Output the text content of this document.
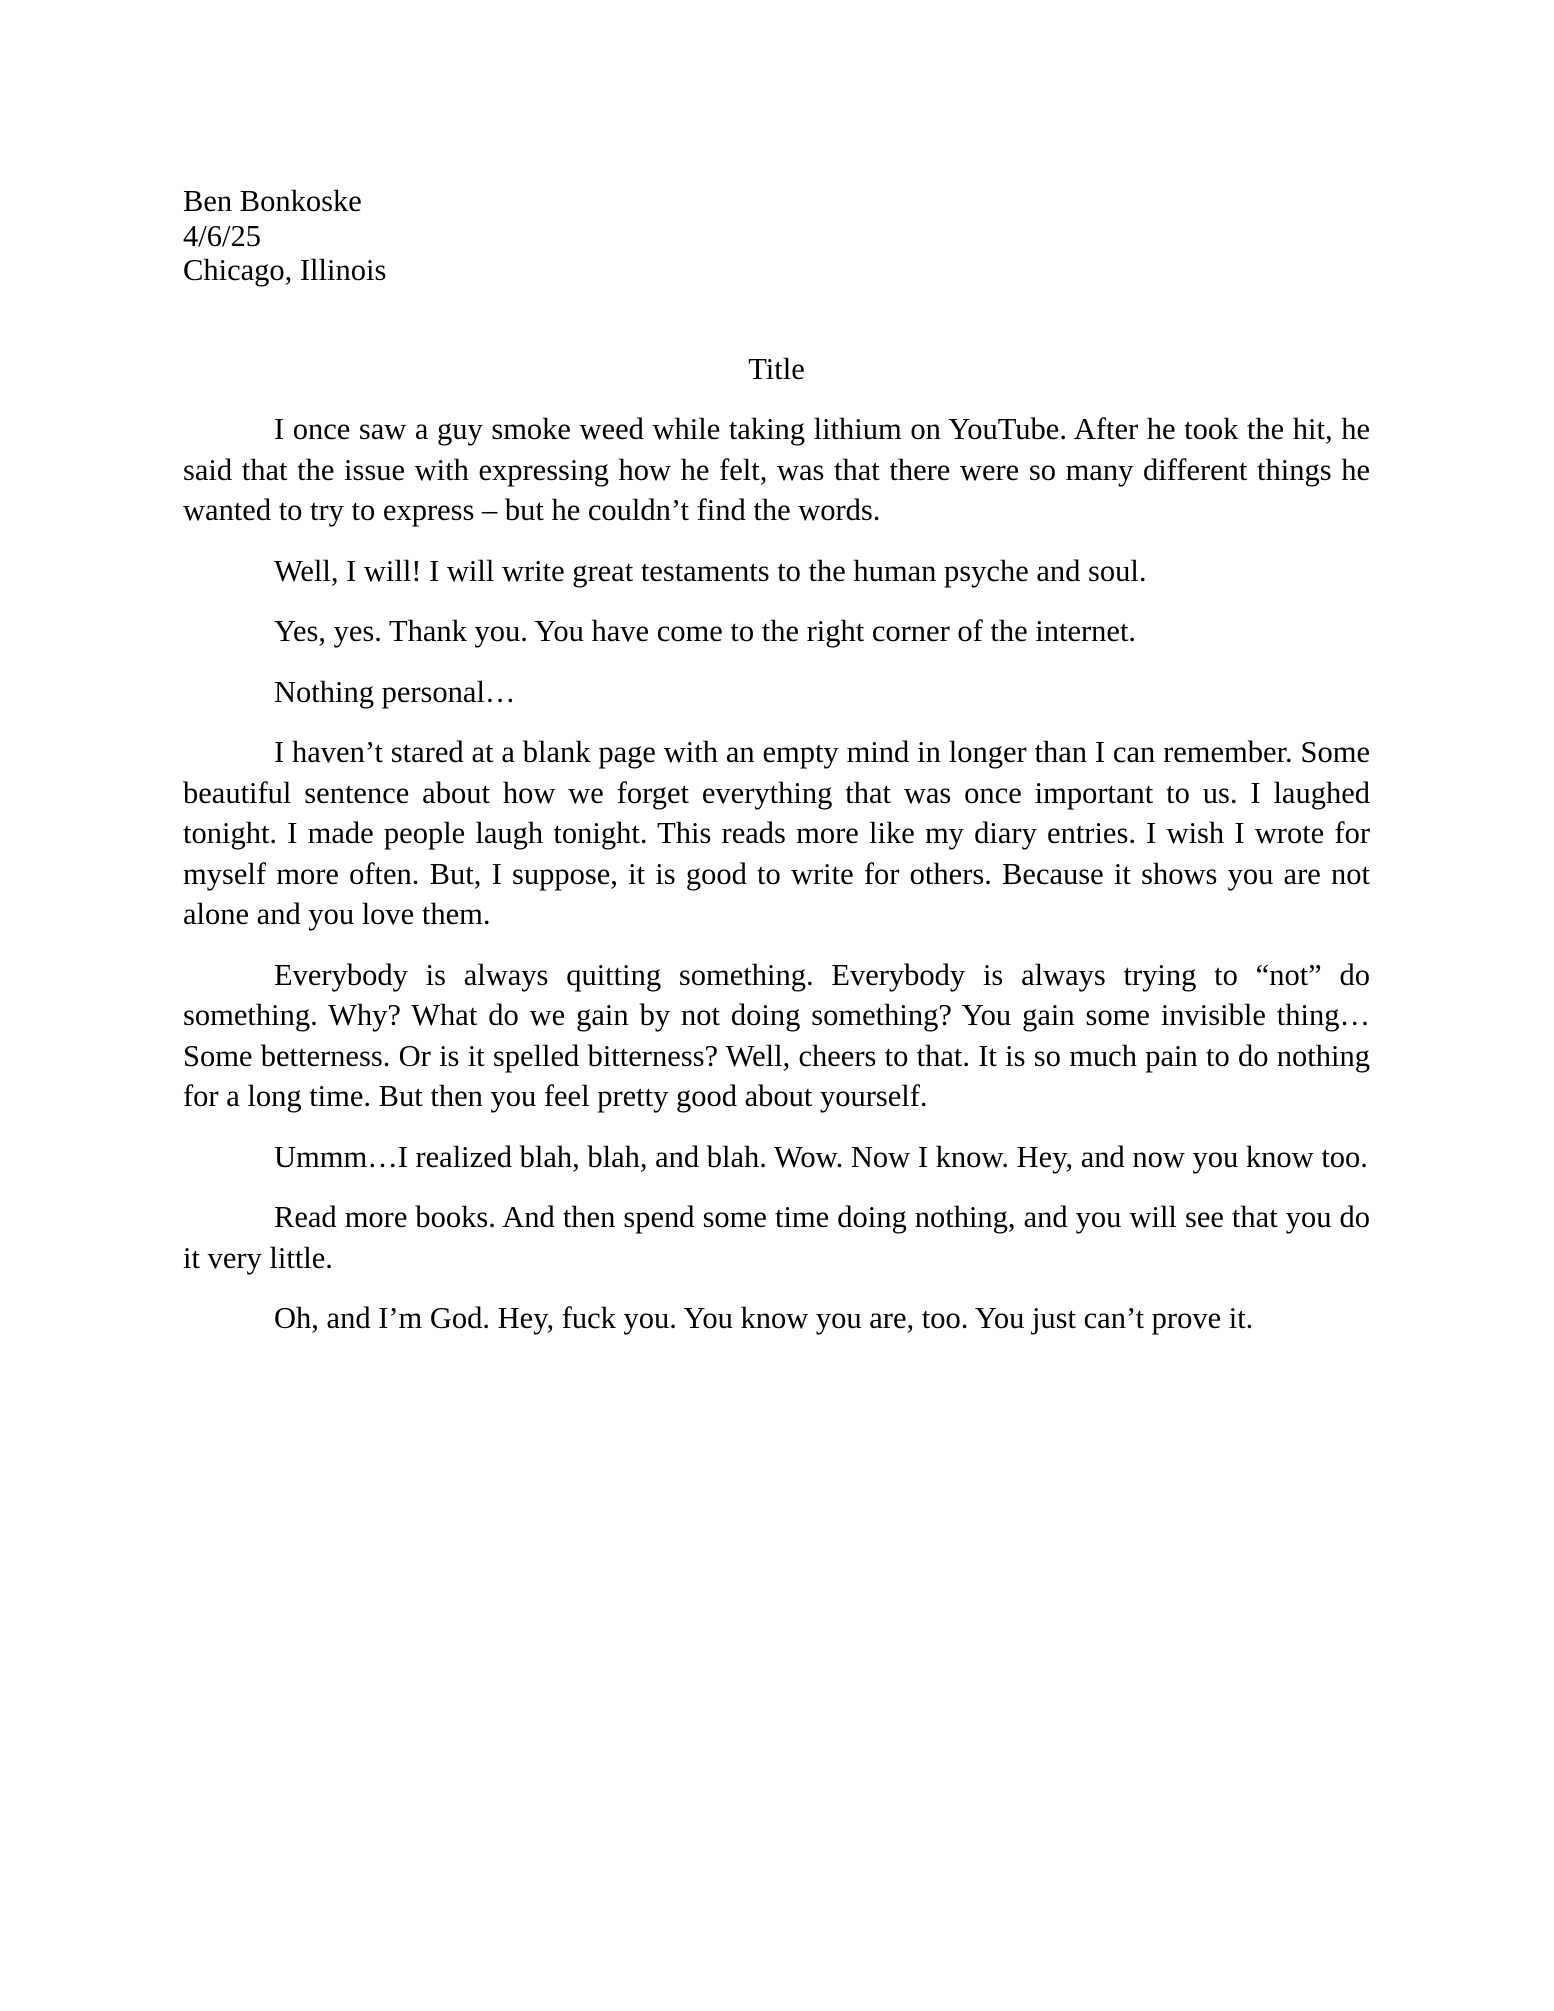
Ben Bonkoske
4/6/25
Chicago, Illinois
Title

I once saw a guy smoke weed while taking lithium on YouTube. After he took the hit, he said that the issue with expressing how he felt, was that there were so many different things he wanted to try to express – but he couldn’t find the words.

Well, I will! I will write great testaments to the human psyche and soul.

Yes, yes. Thank you. You have come to the right corner of the internet.

Nothing personal…

I haven’t stared at a blank page with an empty mind in longer than I can remember. Some beautiful sentence about how we forget everything that was once important to us. I laughed tonight. I made people laugh tonight. This reads more like my diary entries. I wish I wrote for myself more often. But, I suppose, it is good to write for others. Because it shows you are not alone and you love them.

Everybody is always quitting something. Everybody is always trying to “not” do something. Why? What do we gain by not doing something? You gain some invisible thing…Some betterness. Or is it spelled bitterness? Well, cheers to that. It is so much pain to do nothing for a long time. But then you feel pretty good about yourself.

Ummm…I realized blah, blah, and blah. Wow. Now I know. Hey, and now you know too.

Read more books. And then spend some time doing nothing, and you will see that you do it very little.

Oh, and I’m God. Hey, fuck you. You know you are, too. You just can’t prove it.
